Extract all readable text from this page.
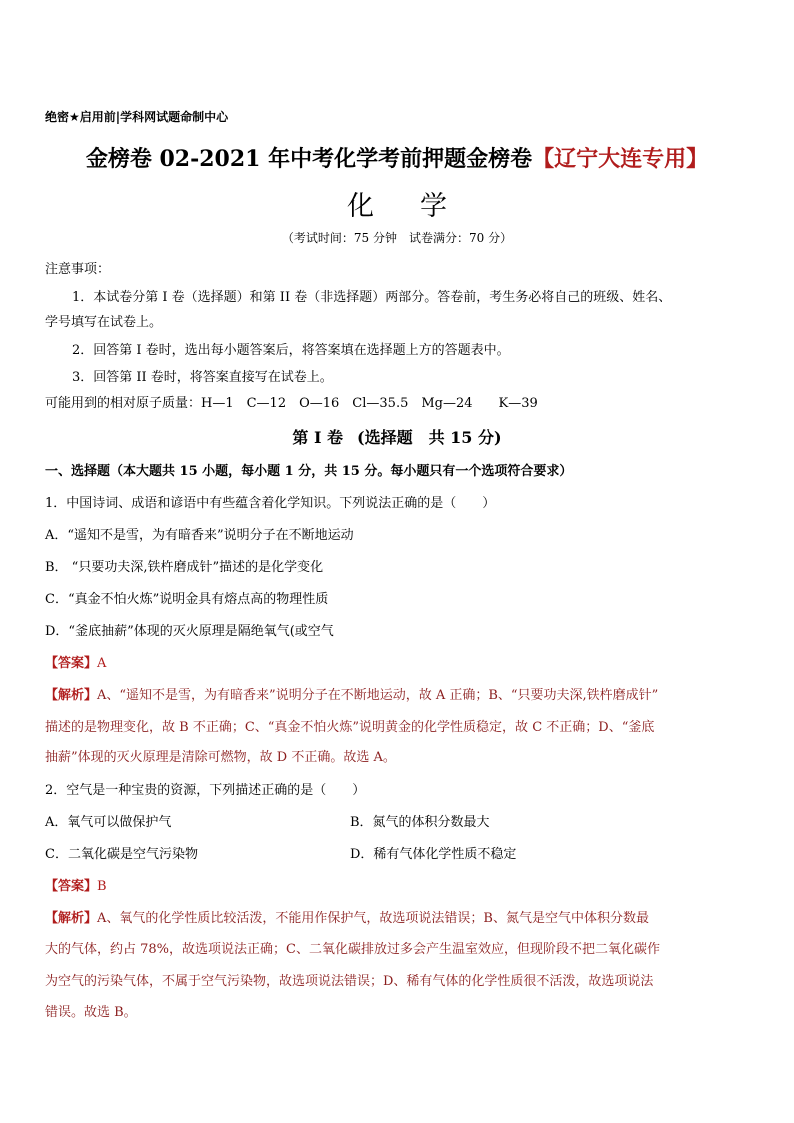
绝密★启用前|学科网试题命制中心
金榜卷 02-2021 年中考化学考前押题金榜卷【辽宁大连专用】
化学
（考试时间：75 分钟　试卷满分：70 分）
注意事项：
1．本试卷分第 I 卷（选择题）和第 II 卷（非选择题）两部分。答卷前，考生务必将自己的班级、姓名、
学号填写在试卷上。
2．回答第 I 卷时，选出每小题答案后，将答案填在选择题上方的答题表中。
3．回答第 II 卷时，将答案直接写在试卷上。
可能用到的相对原子质量：H—1　C—12　O—16　Cl—35.5　Mg—24　　K—39
第 I 卷 (选择题　共 15 分)
一、选择题（本大题共 15 小题，每小题 1 分，共 15 分。每小题只有一个选项符合要求）
1．中国诗词、成语和谚语中有些蕴含着化学知识。下列说法正确的是（　　）
A．“遥知不是雪，为有暗香来”说明分子在不断地运动
B． “只要功夫深,铁杵磨成针”描述的是化学变化
C．“真金不怕火炼”说明金具有熔点高的物理性质
D．“釜底抽薪”体现的灭火原理是隔绝氧气(或空气
【答案】A
【解析】A、“遥知不是雪，为有暗香来”说明分子在不断地运动，故 A 正确；B、“只要功夫深,铁杵磨成针”
描述的是物理变化，故 B 不正确；C、“真金不怕火炼”说明黄金的化学性质稳定，故 C 不正确；D、“釜底
抽薪”体现的灭火原理是清除可燃物，故 D 不正确。故选 A。
2．空气是一种宝贵的资源，下列描述正确的是（　　）
A．氧气可以做保护气	B．氮气的体积分数最大
C．二氧化碳是空气污染物	D．稀有气体化学性质不稳定
【答案】B
【解析】A、氧气的化学性质比较活泼，不能用作保护气，故选项说法错误；B、氮气是空气中体积分数最
大的气体，约占 78%，故选项说法正确；C、二氧化碳排放过多会产生温室效应，但现阶段不把二氧化碳作
为空气的污染气体，不属于空气污染物，故选项说法错误；D、稀有气体的化学性质很不活泼，故选项说法
错误。故选 B。
